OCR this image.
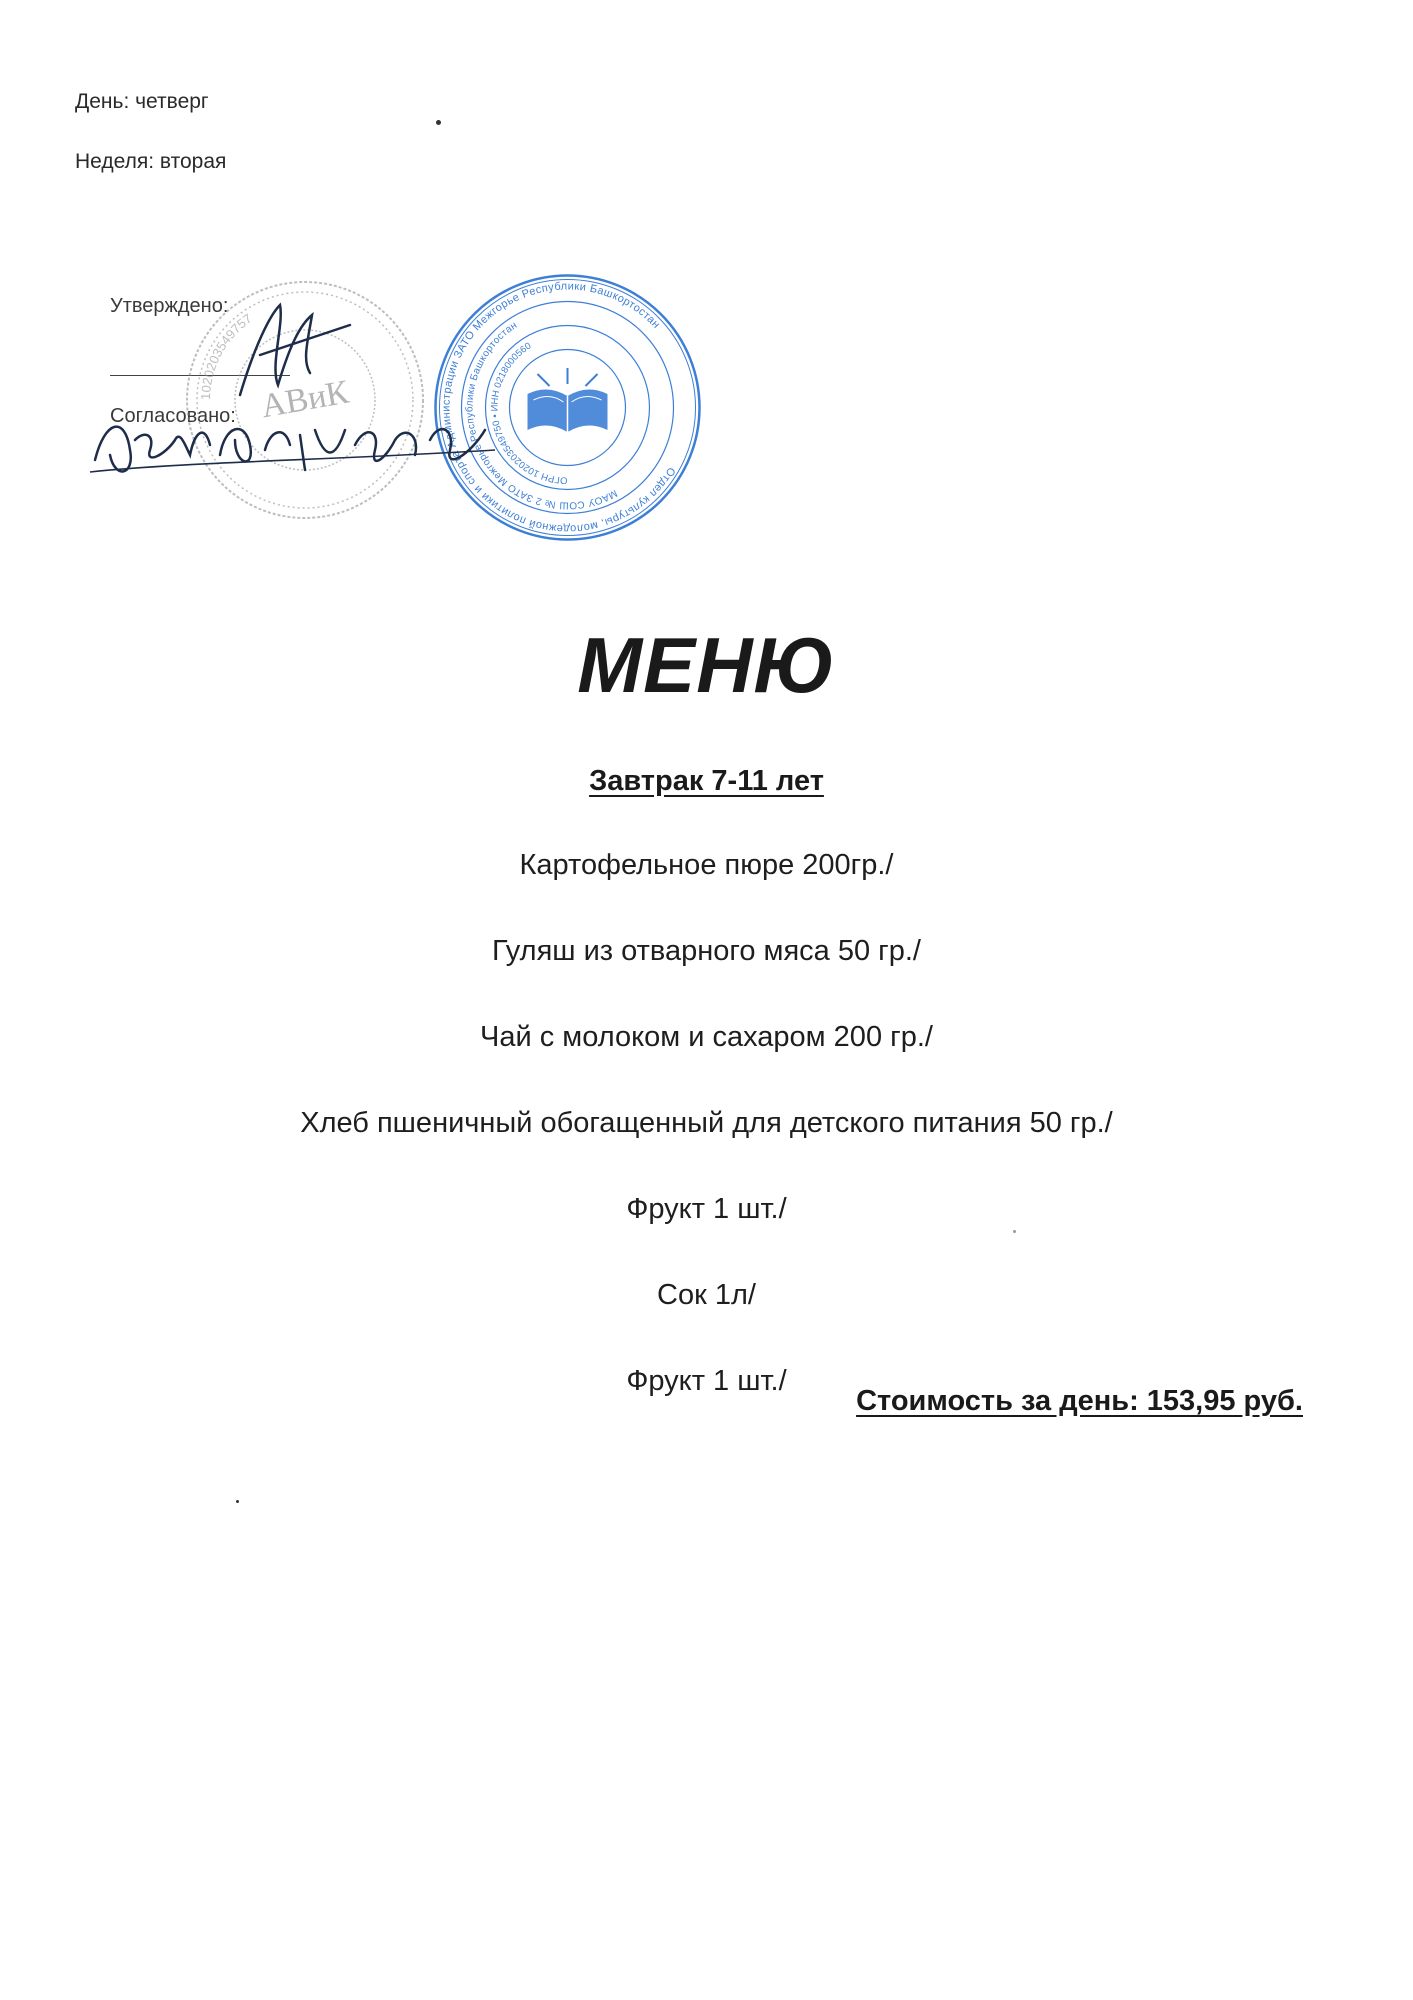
День: четверг
Неделя: вторая
Утверждено:
Согласовано:
1020203549757
АВиК
Отдел культуры, молодежной политики и спорта Администрации ЗАТО Межгорье Республики Башкортостан
МАОУ СОШ № 2 ЗАТО Межгорье Республики Башкортостан
ОГРН 1020203549750 • ИНН 0218000560
МЕНЮ
Завтрак 7-11 лет
Картофельное пюре 200гр./
Гуляш из отварного мяса 50 гр./
Чай с молоком и сахаром 200 гр./
Хлеб пшеничный обогащенный для детского питания 50 гр./
Фрукт 1 шт./
Сок 1л/
Фрукт 1 шт./
Стоимость за день: 153,95 руб.
